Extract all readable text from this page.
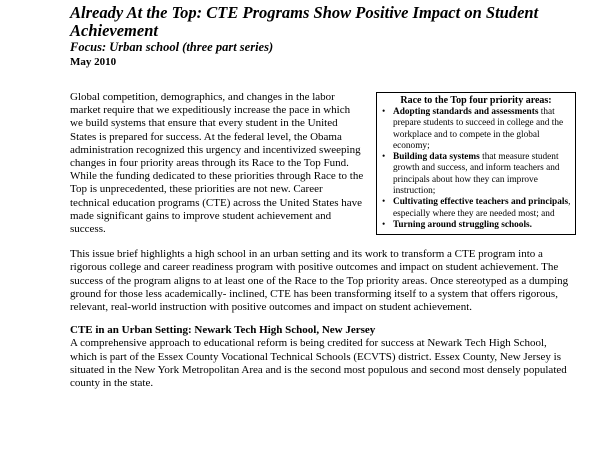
Already At the Top: CTE Programs Show Positive Impact on Student
Achievement
Focus: Urban school (three part series)
May 2010

Race to the Top four priority areas:
• Adopting standards and assessments that prepare students to succeed in college and the workplace and to compete in the global economy;
• Building data systems that measure student growth and success, and inform teachers and principals about how they can improve instruction;
• Cultivating effective teachers and principals, especially where they are needed most; and
• Turning around struggling schools.
Global competition, demographics, and changes in the labor market require that we expeditiously increase the pace in which we build systems that ensure that every student in the United States is prepared for success. At the federal level, the Obama administration recognized this urgency and incentivized sweeping changes in four priority areas through its Race to the Top Fund. While the funding dedicated to these priorities through Race to the Top is unprecedented, these priorities are not new. Career technical education programs (CTE) across the United States have made significant gains to improve student achievement and success.

This issue brief highlights a high school in an urban setting and its work to transform a CTE program into a rigorous college and career readiness program with positive outcomes and impact on student achievement. The success of the program aligns to at least one of the Race to the Top priority areas. Once stereotyped as a dumping ground for those less academically- inclined, CTE has been transforming itself to a system that offers rigorous, relevant, real-world instruction with positive outcomes and impact on student achievement.

CTE in an Urban Setting: Newark Tech High School, New Jersey

A comprehensive approach to educational reform is being credited for success at Newark Tech High School, which is part of the Essex County Vocational Technical Schools (ECVTS) district. Essex County, New Jersey is situated in the New York Metropolitan Area and is the second most populous and second most densely populated county in the state.
